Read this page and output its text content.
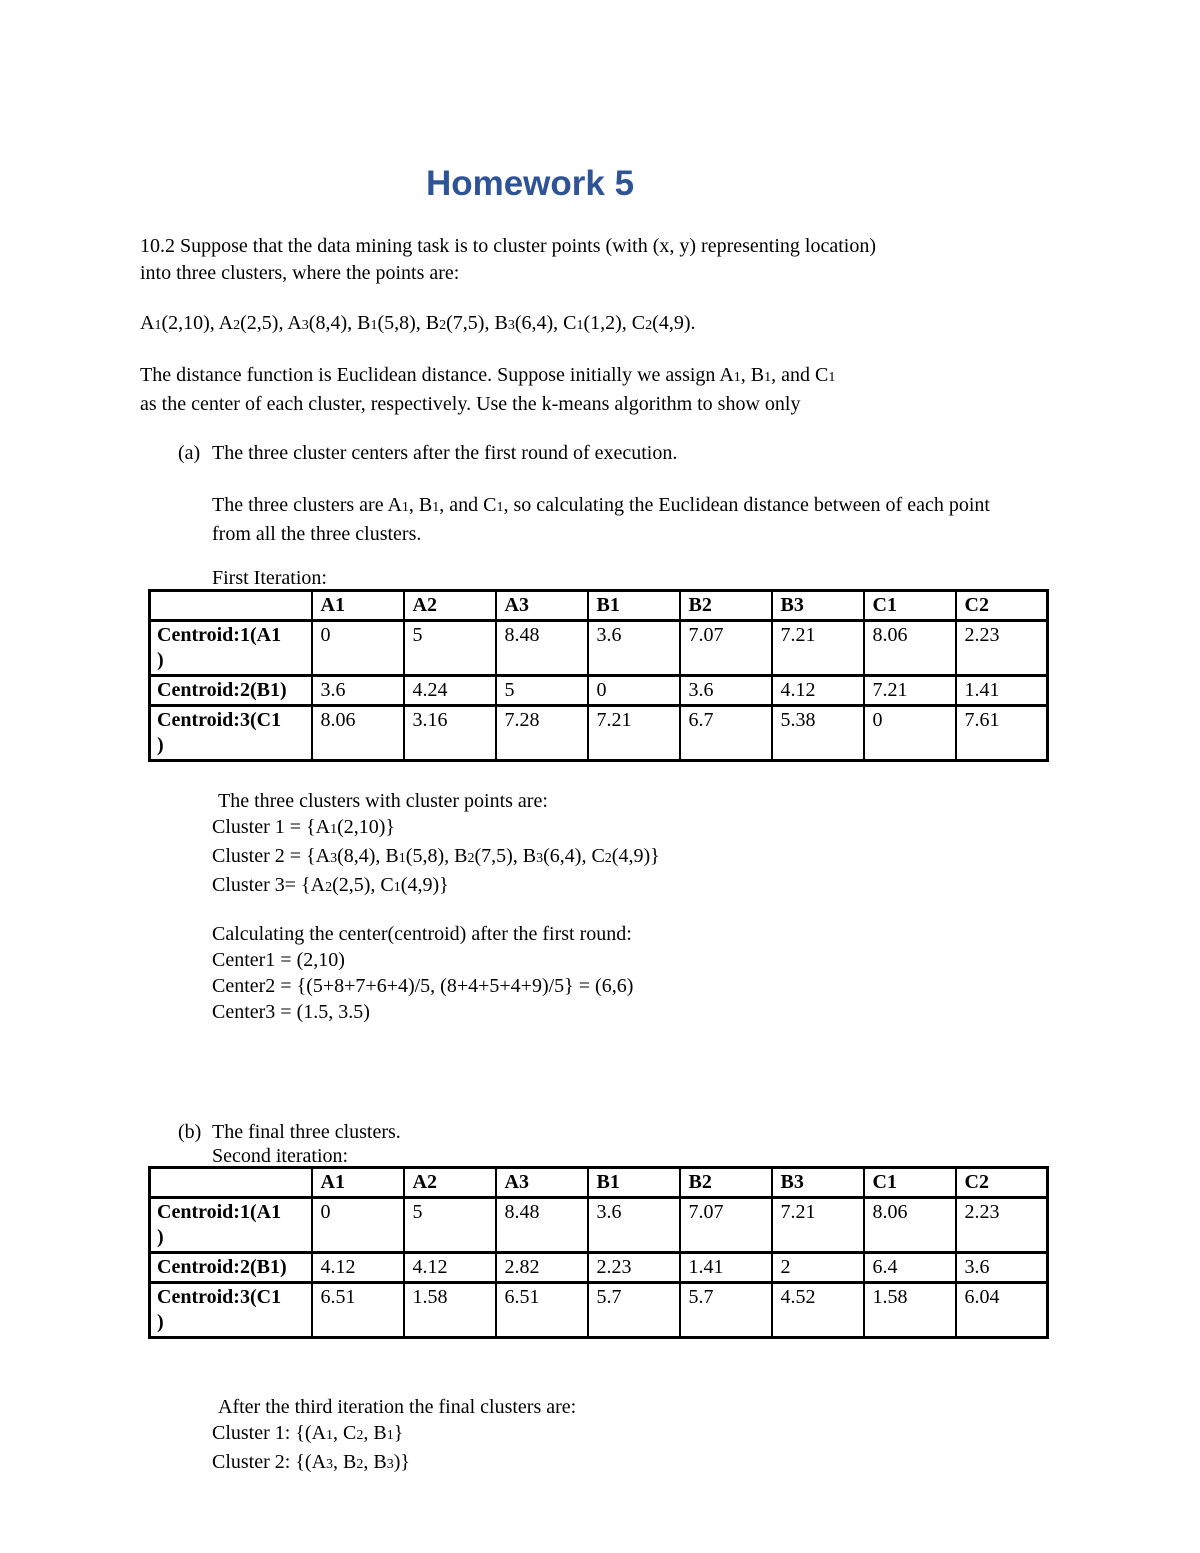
Homework 5
10.2 Suppose that the data mining task is to cluster points (with (x, y) representing location)
into three clusters, where the points are:
A1(2,10), A2(2,5), A3(8,4), B1(5,8), B2(7,5), B3(6,4), C1(1,2), C2(4,9).
The distance function is Euclidean distance. Suppose initially we assign A1, B1, and C1
as the center of each cluster, respectively. Use the k-means algorithm to show only
(a) The three cluster centers after the first round of execution.
The three clusters are A1, B1, and C1, so calculating the Euclidean distance between of each point
from all the three clusters.
First Iteration:
	A1	A2	A3	B1	B2	B3	C1	C2

Centroid:1(A1
)	0	5	8.48	3.6	7.07	7.21	8.06	2.23

Centroid:2(B1)	3.6	4.24	5	0	3.6	4.12	7.21	1.41

Centroid:3(C1
)	8.06	3.16	7.28	7.21	6.7	5.38	0	7.61
The three clusters with cluster points are:
Cluster 1 = {A1(2,10)}
Cluster 2 = {A3(8,4), B1(5,8), B2(7,5), B3(6,4), C2(4,9)}
Cluster 3= {A2(2,5), C1(4,9)}
Calculating the center(centroid) after the first round:
Center1 = (2,10)
Center2 = {(5+8+7+6+4)/5, (8+4+5+4+9)/5} = (6,6)
Center3 = (1.5, 3.5)
(b) The final three clusters.
Second iteration:
	A1	A2	A3	B1	B2	B3	C1	C2

Centroid:1(A1
)	0	5	8.48	3.6	7.07	7.21	8.06	2.23

Centroid:2(B1)	4.12	4.12	2.82	2.23	1.41	2	6.4	3.6

Centroid:3(C1
)	6.51	1.58	6.51	5.7	5.7	4.52	1.58	6.04
After the third iteration the final clusters are:
Cluster 1: {(A1, C2, B1}
Cluster 2: {(A3, B2, B3)}
